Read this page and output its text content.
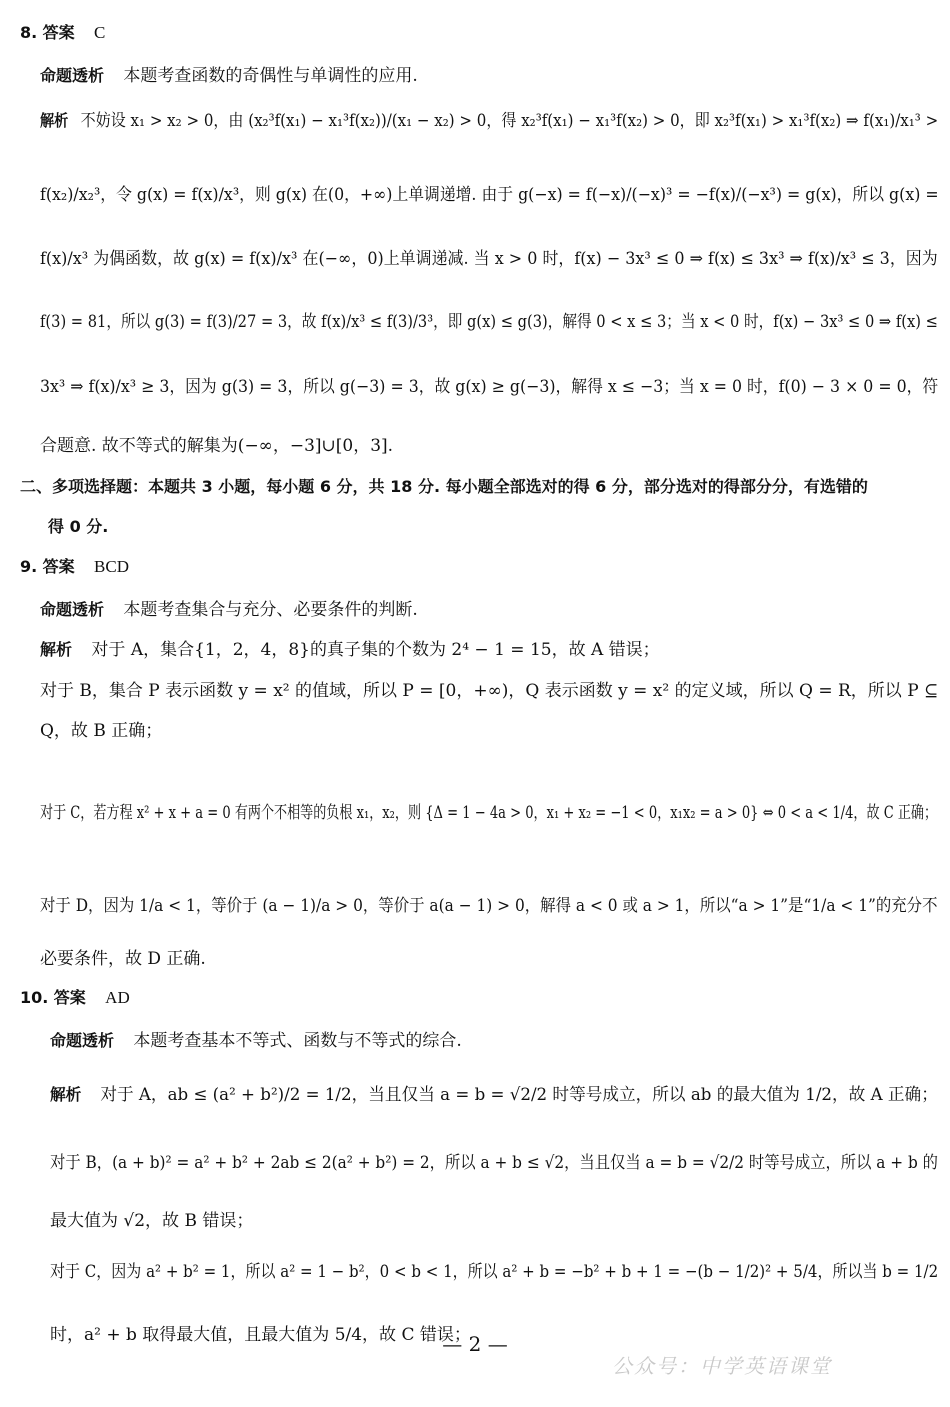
8. 答案 C
命题透析 本题考查函数的奇偶性与单调性的应用.
解析 不妨设 x₁ > x₂ > 0，由 (x₂³f(x₁) − x₁³f(x₂))/(x₁ − x₂) > 0，得 x₂³f(x₁) − x₁³f(x₂) > 0，即 x₂³f(x₁) > x₁³f(x₂) ⇒ f(x₁)/x₁³ >
f(x₂)/x₂³，令 g(x) = f(x)/x³，则 g(x) 在(0，+∞)上单调递增. 由于 g(−x) = f(−x)/(−x)³ = −f(x)/(−x³) = g(x)，所以 g(x) =
f(x)/x³ 为偶函数，故 g(x) = f(x)/x³ 在(−∞，0)上单调递减. 当 x > 0 时，f(x) − 3x³ ≤ 0 ⇒ f(x) ≤ 3x³ ⇒ f(x)/x³ ≤ 3，因为
f(3) = 81，所以 g(3) = f(3)/27 = 3，故 f(x)/x³ ≤ f(3)/3³，即 g(x) ≤ g(3)，解得 0 < x ≤ 3；当 x < 0 时，f(x) − 3x³ ≤ 0 ⇒ f(x) ≤
3x³ ⇒ f(x)/x³ ≥ 3，因为 g(3) = 3，所以 g(−3) = 3，故 g(x) ≥ g(−3)，解得 x ≤ −3；当 x = 0 时，f(0) − 3 × 0 = 0，符
合题意. 故不等式的解集为(−∞，−3]∪[0，3].
二、多项选择题：本题共 3 小题，每小题 6 分，共 18 分. 每小题全部选对的得 6 分，部分选对的得部分分，有选错的
得 0 分.
9. 答案 BCD
命题透析 本题考查集合与充分、必要条件的判断.
解析 对于 A，集合{1，2，4，8}的真子集的个数为 2⁴ − 1 = 15，故 A 错误；
对于 B，集合 P 表示函数 y = x² 的值域，所以 P = [0，+∞)，Q 表示函数 y = x² 的定义域，所以 Q = R，所以 P ⊆
Q，故 B 正确；
对于 C，若方程 x² + x + a = 0 有两个不相等的负根 x₁，x₂，则 {Δ = 1 − 4a > 0，x₁ + x₂ = −1 < 0，x₁x₂ = a > 0} ⇔ 0 < a < 1/4，故 C 正确；
对于 D，因为 1/a < 1，等价于 (a − 1)/a > 0，等价于 a(a − 1) > 0，解得 a < 0 或 a > 1，所以“a > 1”是“1/a < 1”的充分不
必要条件，故 D 正确.
10. 答案 AD
命题透析 本题考查基本不等式、函数与不等式的综合.
解析 对于 A，ab ≤ (a² + b²)/2 = 1/2，当且仅当 a = b = √2/2 时等号成立，所以 ab 的最大值为 1/2，故 A 正确；
对于 B，(a + b)² = a² + b² + 2ab ≤ 2(a² + b²) = 2，所以 a + b ≤ √2，当且仅当 a = b = √2/2 时等号成立，所以 a + b 的
最大值为 √2，故 B 错误；
对于 C，因为 a² + b² = 1，所以 a² = 1 − b²，0 < b < 1，所以 a² + b = −b² + b + 1 = −(b − 1/2)² + 5/4，所以当 b = 1/2
时，a² + b 取得最大值，且最大值为 5/4，故 C 错误；
— 2 —
公众号：中学英语课堂
